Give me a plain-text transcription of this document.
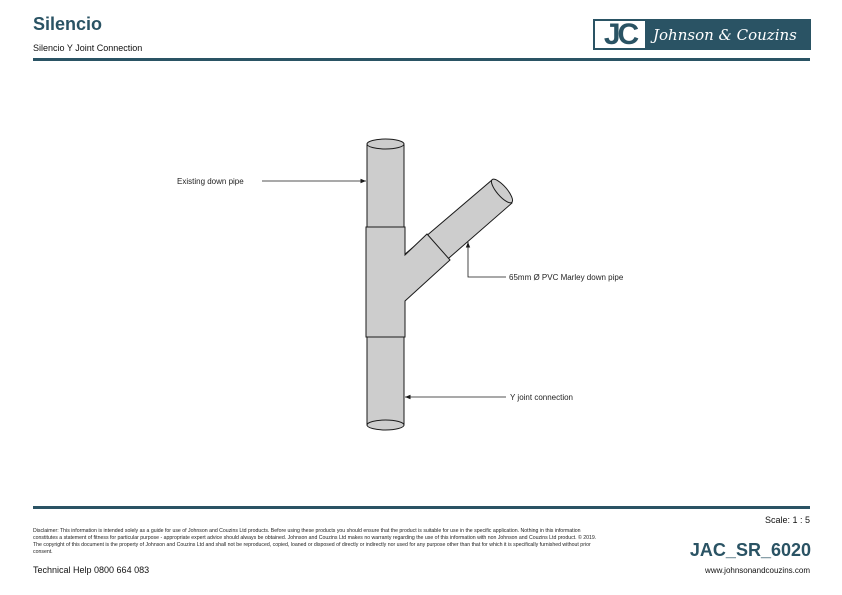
Silencio
Silencio Y Joint Connection	JC	Johnson & Couzins
Existing down pipe
65mm Ø PVC Marley down pipe
Y joint connection
Scale: 1 : 5
Disclaimer: This information is intended solely as a guide for use of Johnson and Couzins Ltd products. Before using these products you should ensure that the product is suitable for use in the specific application. Nothing in this information constitutes a statement of fitness for particular purpose - appropriate expert advice should always be obtained. Johnson and Couzins Ltd makes no warranty regarding the use of this information with non Johnson and Couzins Ltd product. © 2019. The copyright of this document is the property of Johnson and Couzins Ltd and shall not be reproduced, copied, loaned or disposed of directly or indirectly nor used for any purpose other than that for which it is specifically furnished without prior consent.
Technical Help 0800 664 083
JAC_SR_6020
www.johnsonandcouzins.com
